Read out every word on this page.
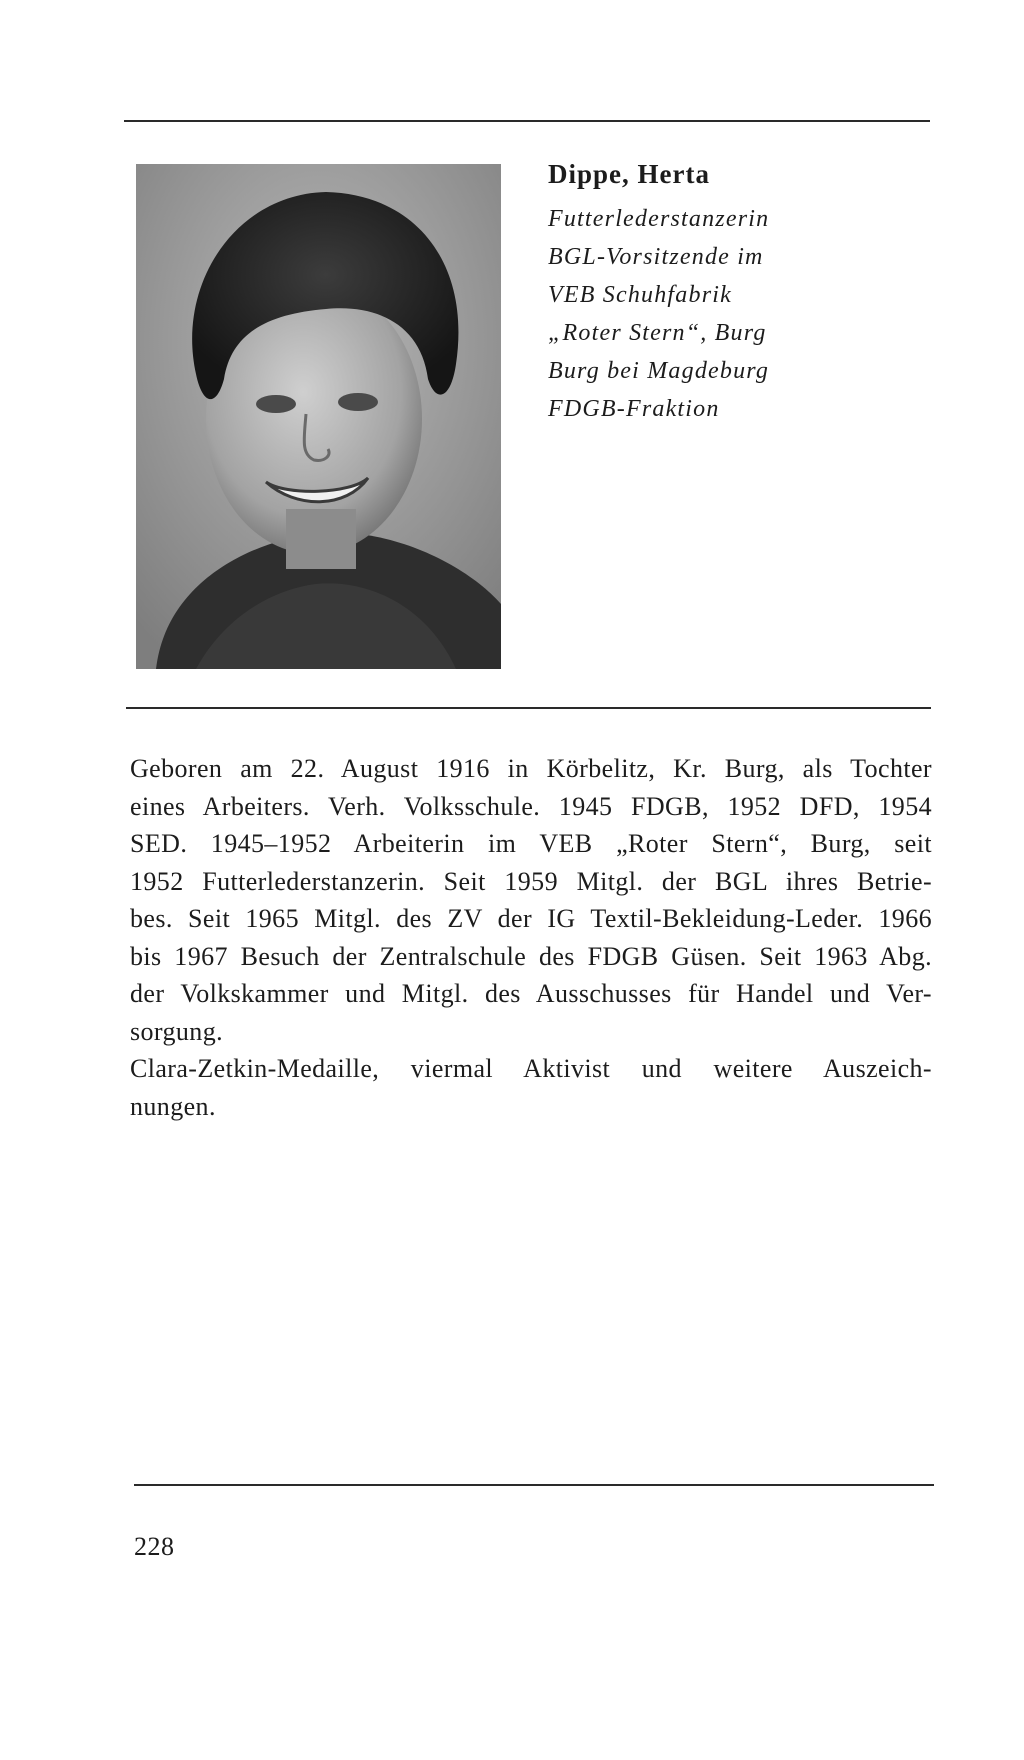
Dippe, Herta

Futterlederstanzerin

BGL-Vorsitzende im

VEB Schuhfabrik

„Roter Stern“, Burg

Burg bei Magdeburg

FDGB-Fraktion

Geboren am 22. August 1916 in Körbelitz, Kr. Burg, als Tochter
eines Arbeiters. Verh. Volksschule. 1945 FDGB, 1952 DFD, 1954
SED. 1945–1952 Arbeiterin im VEB „Roter Stern“, Burg, seit
1952 Futterlederstanzerin. Seit 1959 Mitgl. der BGL ihres Betrie-
bes. Seit 1965 Mitgl. des ZV der IG Textil-Bekleidung-Leder. 1966
bis 1967 Besuch der Zentralschule des FDGB Güsen. Seit 1963 Abg.
der Volkskammer und Mitgl. des Ausschusses für Handel und Ver-
sorgung.
Clara-Zetkin-Medaille, viermal Aktivist und weitere Auszeich-
nungen.
228
